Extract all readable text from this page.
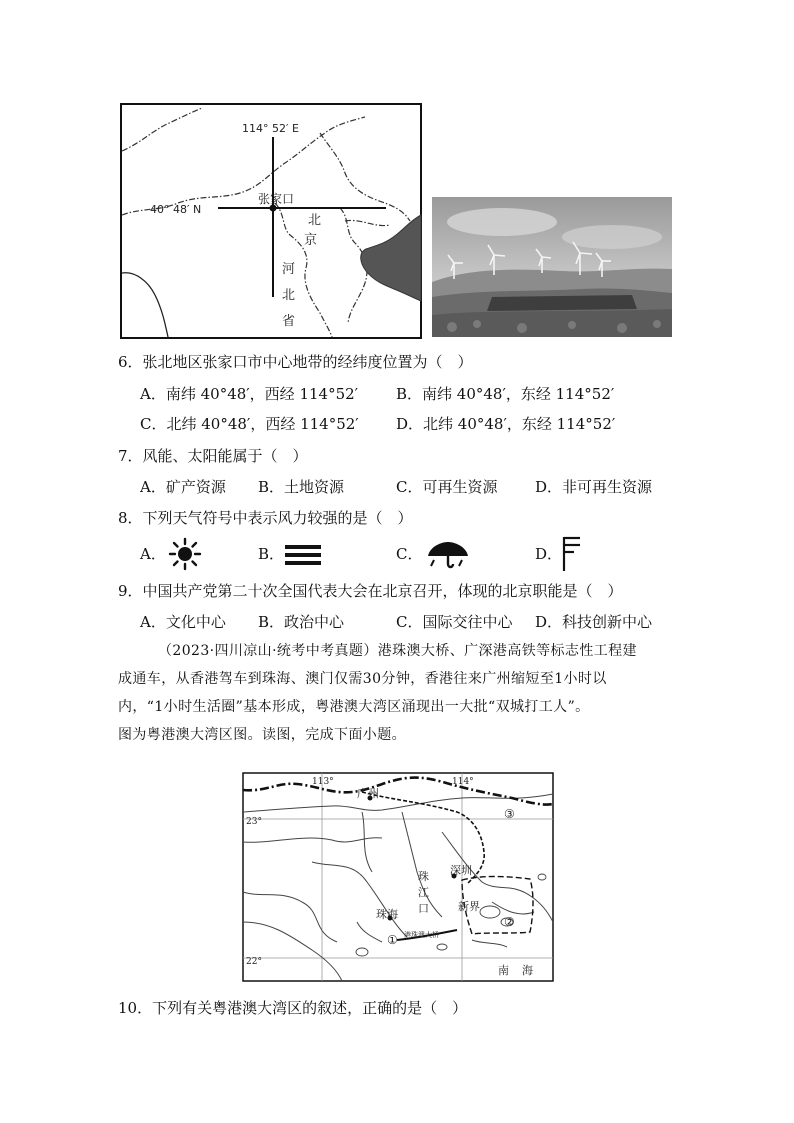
114° 52′ E
40° 48′ N
张家口
北
京
河
北
省
6．张北地区张家口市中心地带的经纬度位置为（　）
A．南纬 40°48′，西经 114°52′	B．南纬 40°48′，东经 114°52′
C．北纬 40°48′，西经 114°52′ D．北纬 40°48′，东经 114°52′
7．风能、太阳能属于（　）
A．矿产资源 B．土地资源	C．可再生资源	D．非可再生资源
8．下列天气符号中表示风力较强的是（　）
A．	B．	C．	D．
9．中国共产党第二十次全国代表大会在北京召开，体现的北京职能是（　）
A．文化中心 B．政治中心	C．国际交往中心 D．科技创新中心
（2023·四川凉山·统考中考真题）港珠澳大桥、广深港高铁等标志性工程建
成通车，从香港驾车到珠海、澳门仅需30分钟，香港往来广州缩短至1小时以
内，“1小时生活圈”基本形成，粤港澳大湾区涌现出一大批“双城打工人”。
图为粤港澳大湾区图。读图，完成下面小题。
113°	114°
23°
22°
广州
深圳
珠
江
口
珠海
新界
港珠澳大桥
①
②
③
南 海
10．下列有关粤港澳大湾区的叙述，正确的是（　）
